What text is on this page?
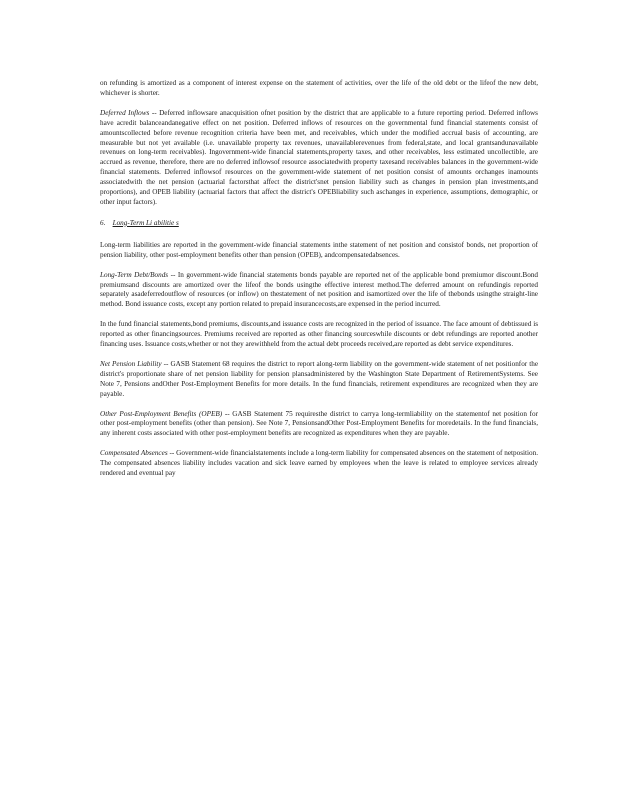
on refunding is amortized as a component of interest expense on the statement of activities, over the life of the old debt or the lifeof the new debt, whichever is shorter.

Deferred Inflows -- Deferred inflowsare anacquisition ofnet position by the district that are applicable to a future reporting period. Deferred inflows have acredit balanceandanegative effect on net position. Deferred inflows of resources on the governmental fund financial statements consist of amountscollected before revenue recognition criteria have been met, and receivables, which under the modified accrual basis of accounting, are measurable but not yet available (i.e. unavailable property tax revenues, unavailablerevenues from federal,state, and local grantsandunavailable revenues on long-term receivables). Ingovernment-wide financial statements,property taxes, and other receivables, less estimated uncollectible, are accrued as revenue, therefore, there are no deferred inflowsof resource associatedwith property taxesand receivables balances in the government-wide financial statements. Deferred inflowsof resources on the government-wide statement of net position consist of amounts orchanges inamounts associatedwith the net pension (actuarial factorsthat affect the district'snet pension liability such as changes in pension plan investments,and proportions), and OPEB liability (actuarial factors that affect the district's OPEBliability such aschanges in experience, assumptions, demographic, or other input factors).

6. Long-Term Li abilitie s

Long-term liabilities are reported in the government-wide financial statements inthe statement of net position and consistof bonds, net proportion of pension liability, other post-employment benefits other than pension (OPEB), andcompensatedabsences.

Long-Term Debt/Bonds -- In government-wide financial statements bonds payable are reported net of the applicable bond premiumor discount.Bond premiumsand discounts are amortized over the lifeof the bonds usingthe effective interest method.The deferred amount on refundingis reported separately asadeferredoutflow of resources (or inflow) on thestatement of net position and isamortized over the life of thebonds usingthe straight-line method. Bond issuance costs, except any portion related to prepaid insurancecosts,are expensed in the period incurred.

In the fund financial statements,bond premiums, discounts,and issuance costs are recognized in the period of issuance. The face amount of debtissued is reported as other financingsources. Premiums received are reported as other financing sourceswhile discounts or debt refundings are reported another financing uses. Issuance costs,whether or not they arewithheld from the actual debt proceeds received,are reported as debt service expenditures.

Net Pension Liability -- GASB Statement 68 requires the district to report along-term liability on the government-wide statement of net positionfor the district's proportionate share of net pension liability for pension plansadministered by the Washington State Department of RetirementSystems. See Note 7, Pensions andOther Post-Employment Benefits for more details. In the fund financials, retirement expenditures are recognized when they are payable.

Other Post-Employment Benefits (OPEB) -- GASB Statement 75 requiresthe district to carrya long-termliability on the statementof net position for other post-employment benefits (other than pension). See Note 7, PensionsandOther Post-Employment Benefits for moredetails. In the fund financials, any inherent costs associated with other post-employment benefits are recognized as expenditures when they are payable.

Compensated Absences -- Government-wide financialstatements include a long-term liability for compensated absences on the statement of netposition. The compensated absences liability includes vacation and sick leave earned by employees when the leave is related to employee services already rendered and eventual pay
